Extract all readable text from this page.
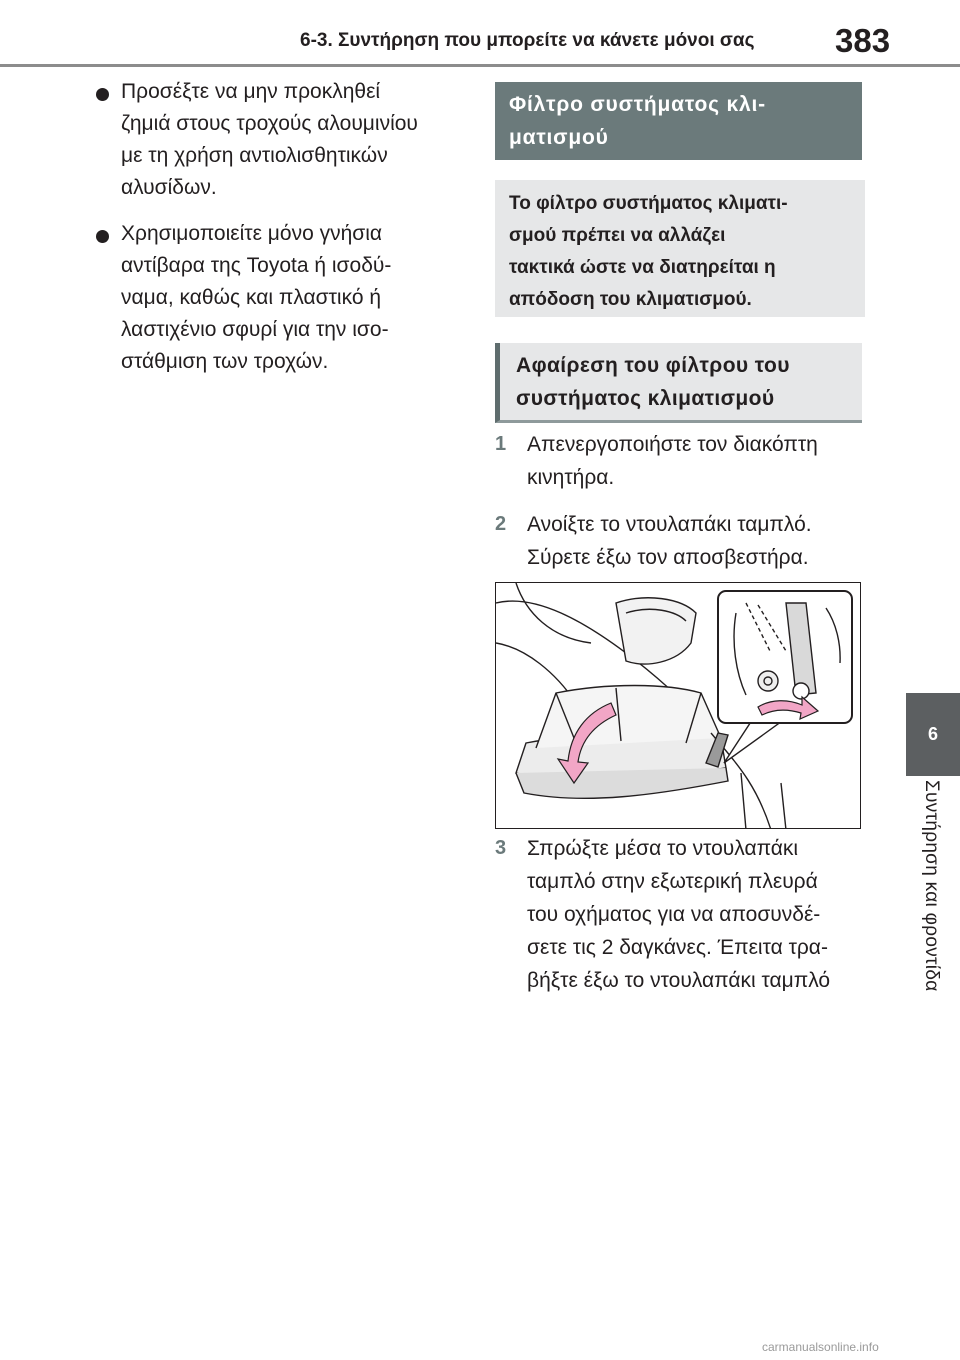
6-3. Συντήρηση που μπορείτε να κάνετε μόνοι σας 383
6
Συντήρηση και φροντίδα
Προσέξτε να μην προκληθεί
ζημιά στους τροχούς αλουμινίου
με τη χρήση αντιολισθητικών
αλυσίδων.
Χρησιμοποιείτε μόνο γνήσια
αντίβαρα της Toyota ή ισοδύ-
ναμα, καθώς και πλαστικό ή
λαστιχένιο σφυρί για την ισο-
στάθμιση των τροχών.
Φίλτρο συστήματος κλι-
ματισμού
Το φίλτρο συστήματος κλιματι-
σμού πρέπει να αλλάζει
τακτικά ώστε να διατηρείται η
απόδοση του κλιματισμού.
Αφαίρεση του φίλτρου του
συστήματος κλιματισμού
1 Απενεργοποιήστε τον διακόπτη
κινητήρα.
2 Ανοίξτε το ντουλαπάκι ταμπλό.
Σύρετε έξω τον αποσβεστήρα.
3 Σπρώξτε μέσα το ντουλαπάκι
ταμπλό στην εξωτερική πλευρά
του οχήματος για να αποσυνδέ-
σετε τις 2 δαγκάνες. Έπειτα τρα-
βήξτε έξω το ντουλαπάκι ταμπλό
carmanualsonline.info
